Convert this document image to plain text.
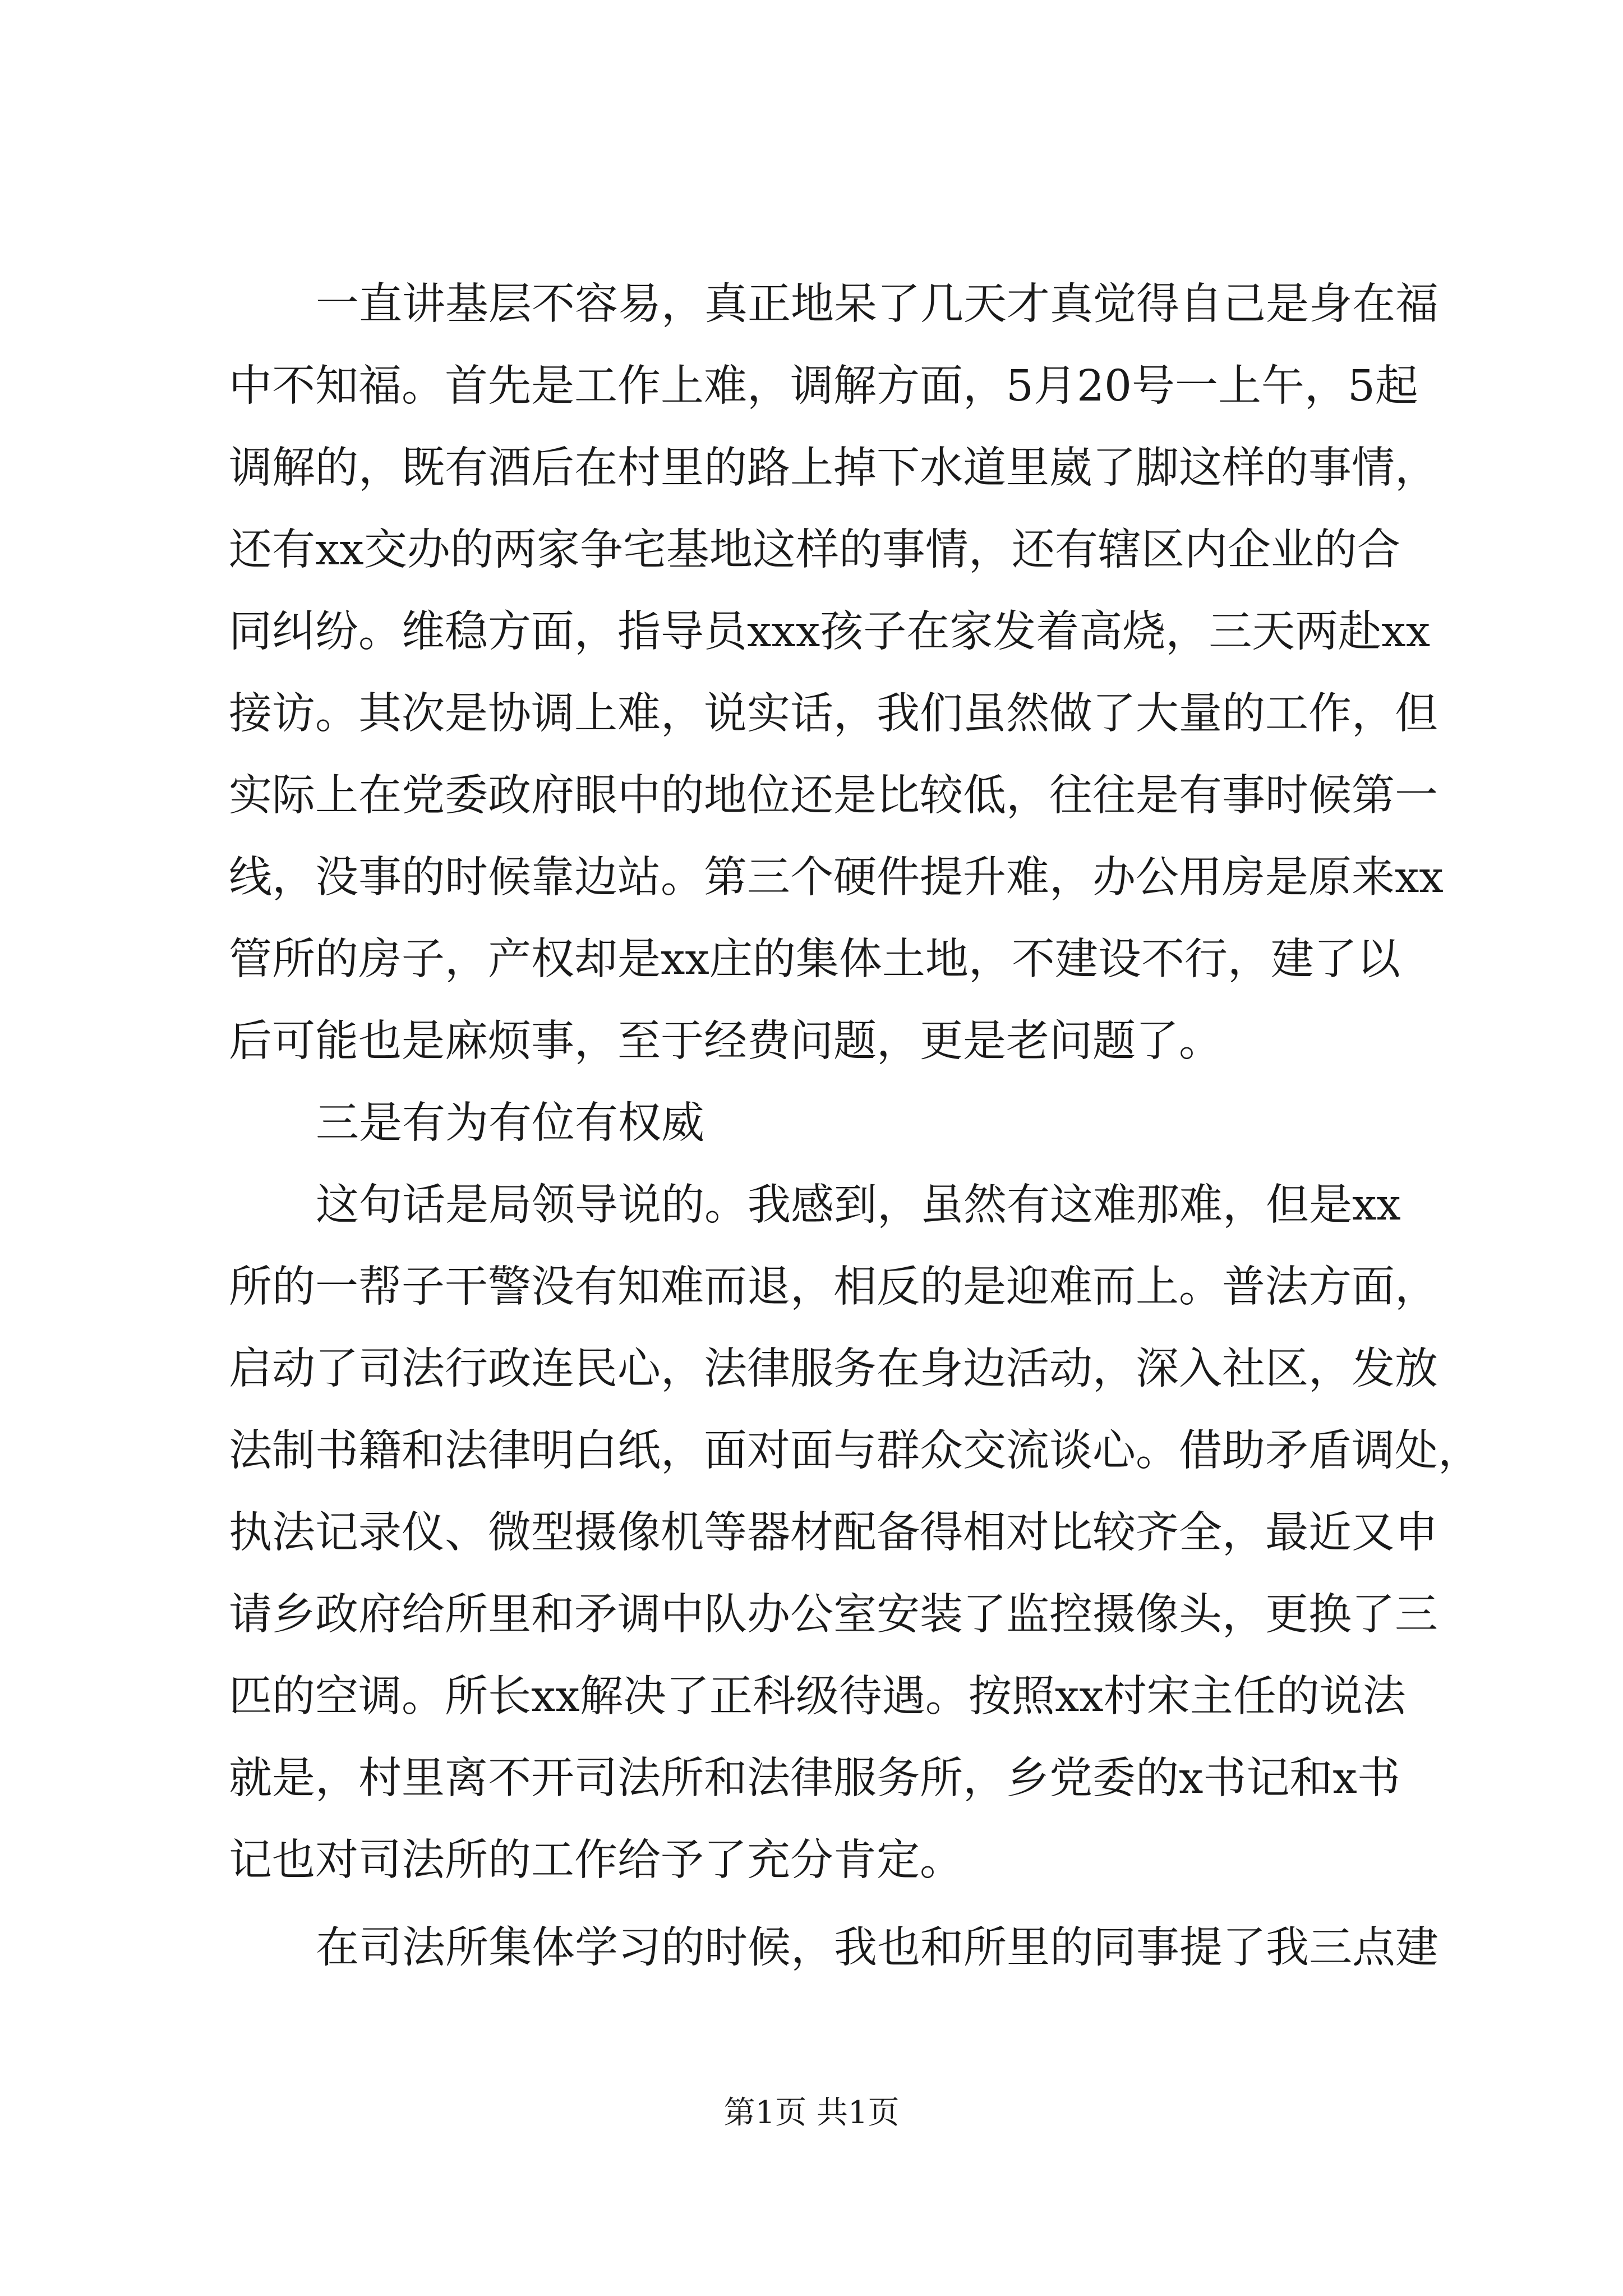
一直讲基层不容易，真正地呆了几天才真觉得自己是身在福
中不知福。首先是工作上难，调解方面，5月20号一上午，5起
调解的，既有酒后在村里的路上掉下水道里崴了脚这样的事情，
还有xx交办的两家争宅基地这样的事情，还有辖区内企业的合
同纠纷。维稳方面，指导员xxx孩子在家发着高烧，三天两赴xx
接访。其次是协调上难，说实话，我们虽然做了大量的工作，但
实际上在党委政府眼中的地位还是比较低，往往是有事时候第一
线，没事的时候靠边站。第三个硬件提升难，办公用房是原来xx
管所的房子，产权却是xx庄的集体土地，不建设不行，建了以
后可能也是麻烦事，至于经费问题，更是老问题了。
三是有为有位有权威
这句话是局领导说的。我感到，虽然有这难那难，但是xx
所的一帮子干警没有知难而退，相反的是迎难而上。普法方面，
启动了司法行政连民心，法律服务在身边活动，深入社区，发放
法制书籍和法律明白纸，面对面与群众交流谈心。借助矛盾调处，
执法记录仪、微型摄像机等器材配备得相对比较齐全，最近又申
请乡政府给所里和矛调中队办公室安装了监控摄像头，更换了三
匹的空调。所长xx解决了正科级待遇。按照xx村宋主任的说法
就是，村里离不开司法所和法律服务所，乡党委的x书记和x书
记也对司法所的工作给予了充分肯定。
在司法所集体学习的时候，我也和所里的同事提了我三点建
第1页 共1页
